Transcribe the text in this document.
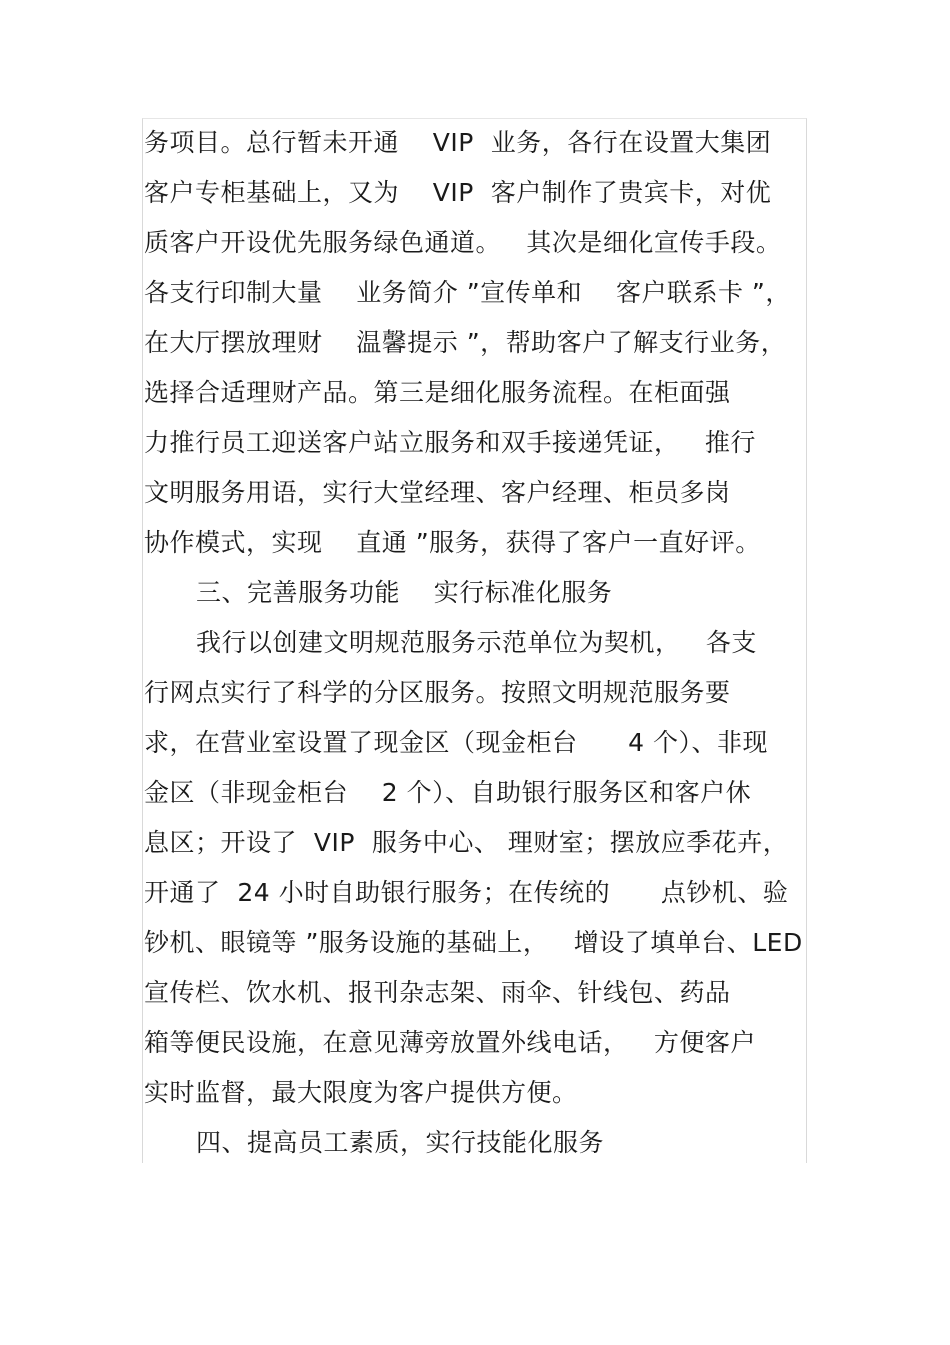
务项目。总行暂未开通    VIP  业务，各行在设置大集团
客户专柜基础上，又为    VIP  客户制作了贵宾卡，对优
质客户开设优先服务绿色通道。   其次是细化宣传手段。
各支行印制大量    业务简介 ”宣传单和    客户联系卡 ”，
在大厅摆放理财    温馨提示 ”，帮助客户了解支行业务，
选择合适理财产品。第三是细化服务流程。在柜面强
力推行员工迎送客户站立服务和双手接递凭证，   推行
文明服务用语，实行大堂经理、客户经理、柜员多岗
协作模式，实现    直通 ”服务，获得了客户一直好评。
三、完善服务功能    实行标准化服务
我行以创建文明规范服务示范单位为契机，   各支
行网点实行了科学的分区服务。按照文明规范服务要
求，在营业室设置了现金区（现金柜台      4 个）、非现
金区（非现金柜台    2 个）、自助银行服务区和客户休
息区；开设了  VIP  服务中心、 理财室；摆放应季花卉，
开通了  24 小时自助银行服务；在传统的      点钞机、验
钞机、眼镜等 ”服务设施的基础上，   增设了填单台、LED
宣传栏、饮水机、报刊杂志架、雨伞、针线包、药品
箱等便民设施，在意见薄旁放置外线电话，   方便客户
实时监督，最大限度为客户提供方便。
四、提高员工素质，实行技能化服务
